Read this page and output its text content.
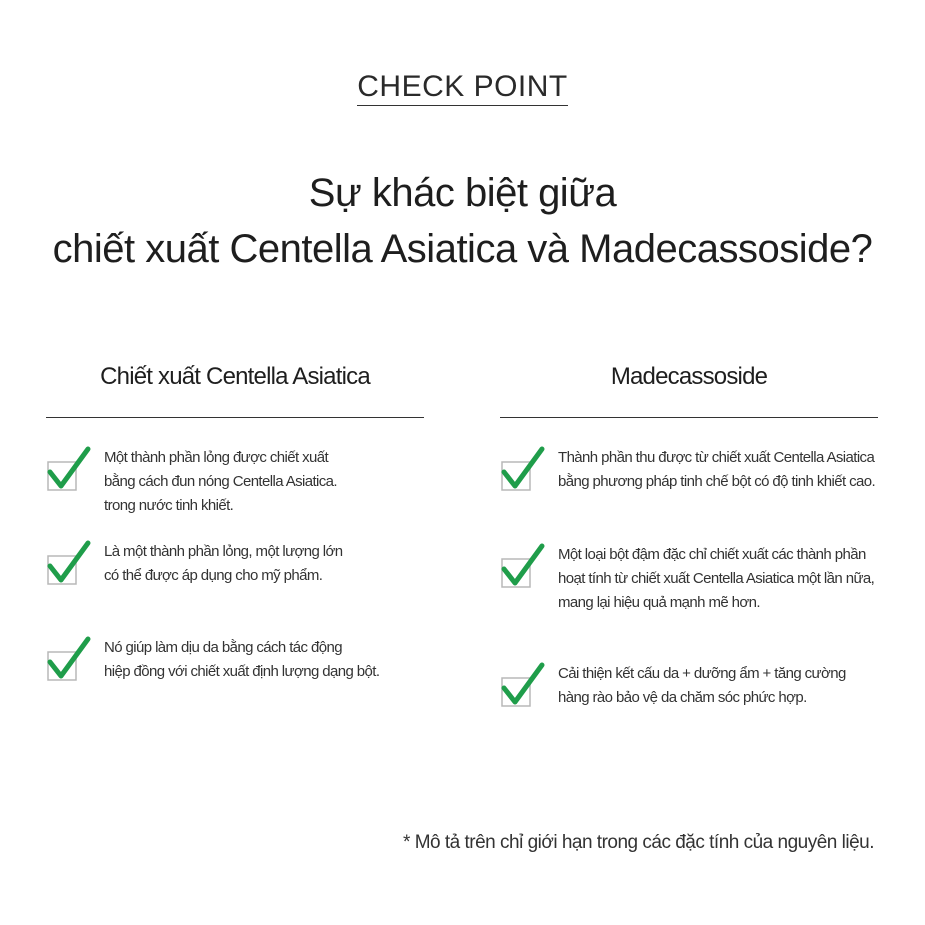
CHECK POINT
Sự khác biệt giữa
chiết xuất Centella Asiatica và Madecassoside?
Chiết xuất Centella Asiatica
Một thành phần lỏng được chiết xuất
bằng cách đun nóng Centella Asiatica.
trong nước tinh khiết.
Là một thành phần lỏng, một lượng lớn
có thể được áp dụng cho mỹ phẩm.
Nó giúp làm dịu da bằng cách tác động
hiệp đồng với chiết xuất định lượng dạng bột.
Madecassoside
Thành phần thu được từ chiết xuất Centella Asiatica
bằng phương pháp tinh chế bột có độ tinh khiết cao.
Một loại bột đậm đặc chỉ chiết xuất các thành phần
hoạt tính từ chiết xuất Centella Asiatica một lần nữa,
mang lại hiệu quả mạnh mẽ hơn.
Cải thiện kết cấu da + dưỡng ẩm + tăng cường
hàng rào bảo vệ da chăm sóc phức hợp.
* Mô tả trên chỉ giới hạn trong các đặc tính của nguyên liệu.
